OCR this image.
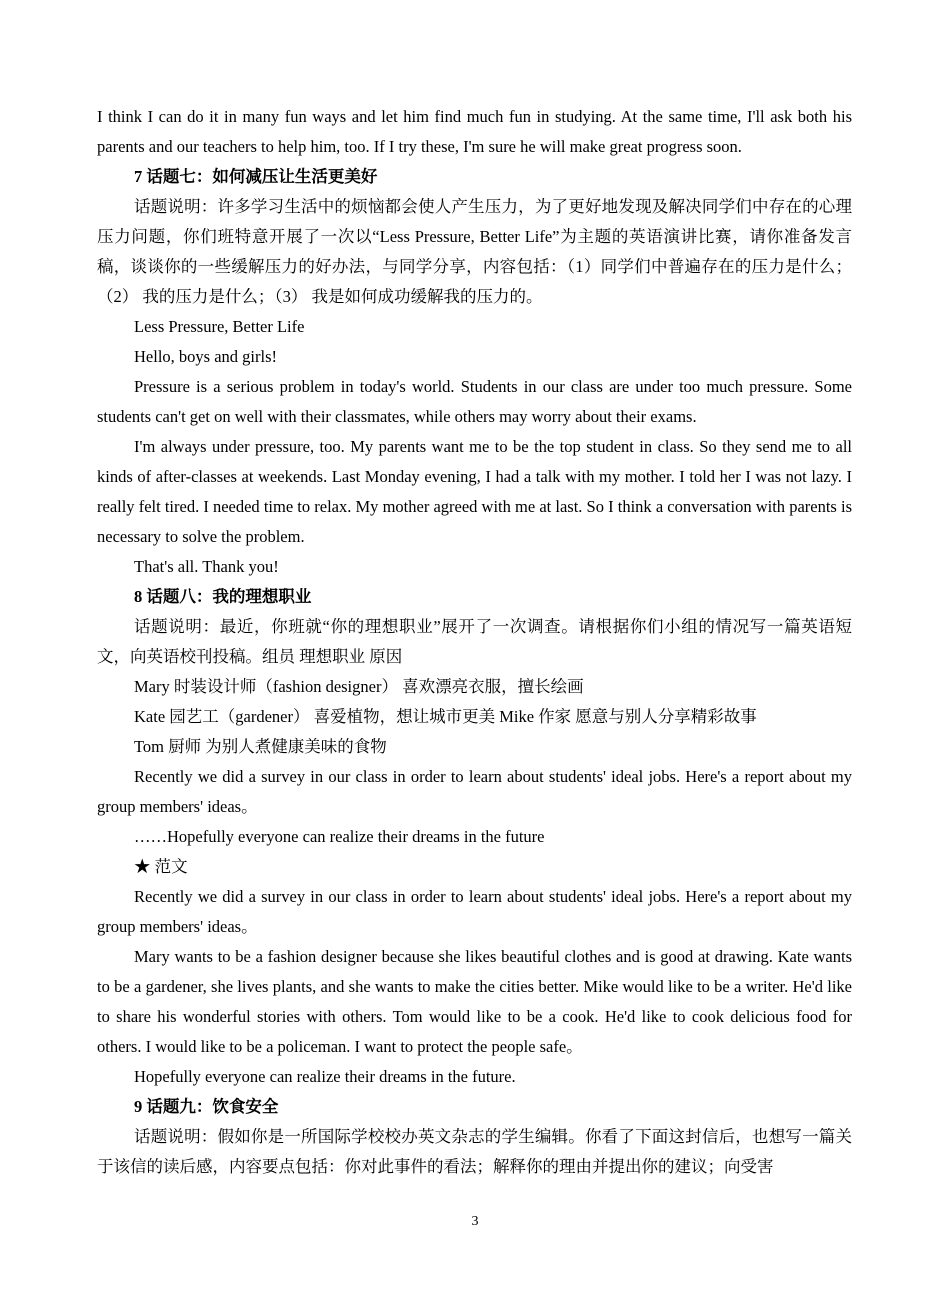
I think I can do it in many fun ways and let him find much fun in studying. At the same time, I'll ask both his parents and our teachers to help him, too. If I try these, I'm sure he will make great progress soon.

7 话题七：如何减压让生活更美好

话题说明：许多学习生活中的烦恼都会使人产生压力，为了更好地发现及解决同学们中存在的心理压力问题，你们班特意开展了一次以“Less Pressure, Better Life”为主题的英语演讲比赛，请你准备发言稿，谈谈你的一些缓解压力的好办法，与同学分享，内容包括：（1）同学们中普遍存在的压力是什么；（2） 我的压力是什么；（3） 我是如何成功缓解我的压力的。

Less Pressure, Better Life

Hello, boys and girls!

Pressure is a serious problem in today's world. Students in our class are under too much pressure. Some students can't get on well with their classmates, while others may worry about their exams.

I'm always under pressure, too. My parents want me to be the top student in class. So they send me to all kinds of after-classes at weekends. Last Monday evening, I had a talk with my mother. I told her I was not lazy. I really felt tired. I needed time to relax. My mother agreed with me at last. So I think a conversation with parents is necessary to solve the problem.

That's all. Thank you!

8 话题八：我的理想职业

话题说明：最近，你班就“你的理想职业”展开了一次调查。请根据你们小组的情况写一篇英语短文，向英语校刊投稿。组员 理想职业 原因

Mary 时装设计师（fashion designer） 喜欢漂亮衣服，擅长绘画

Kate 园艺工（gardener） 喜爱植物，想让城市更美 Mike 作家 愿意与别人分享精彩故事

Tom 厨师 为别人煮健康美味的食物

Recently we did a survey in our class in order to learn about students' ideal jobs. Here's a report about my group members' ideas。

……Hopefully everyone can realize their dreams in the future

★ 范文

Recently we did a survey in our class in order to learn about students' ideal jobs. Here's a report about my group members' ideas。

Mary wants to be a fashion designer because she likes beautiful clothes and is good at drawing. Kate wants to be a gardener, she lives plants, and she wants to make the cities better. Mike would like to be a writer. He'd like to share his wonderful stories with others. Tom would like to be a cook. He'd like to cook delicious food for others. I would like to be a policeman. I want to protect the people safe。

Hopefully everyone can realize their dreams in the future.

9 话题九：饮食安全

话题说明：假如你是一所国际学校校办英文杂志的学生编辑。你看了下面这封信后，也想写一篇关于该信的读后感，内容要点包括：你对此事件的看法；解释你的理由并提出你的建议；向受害

3
